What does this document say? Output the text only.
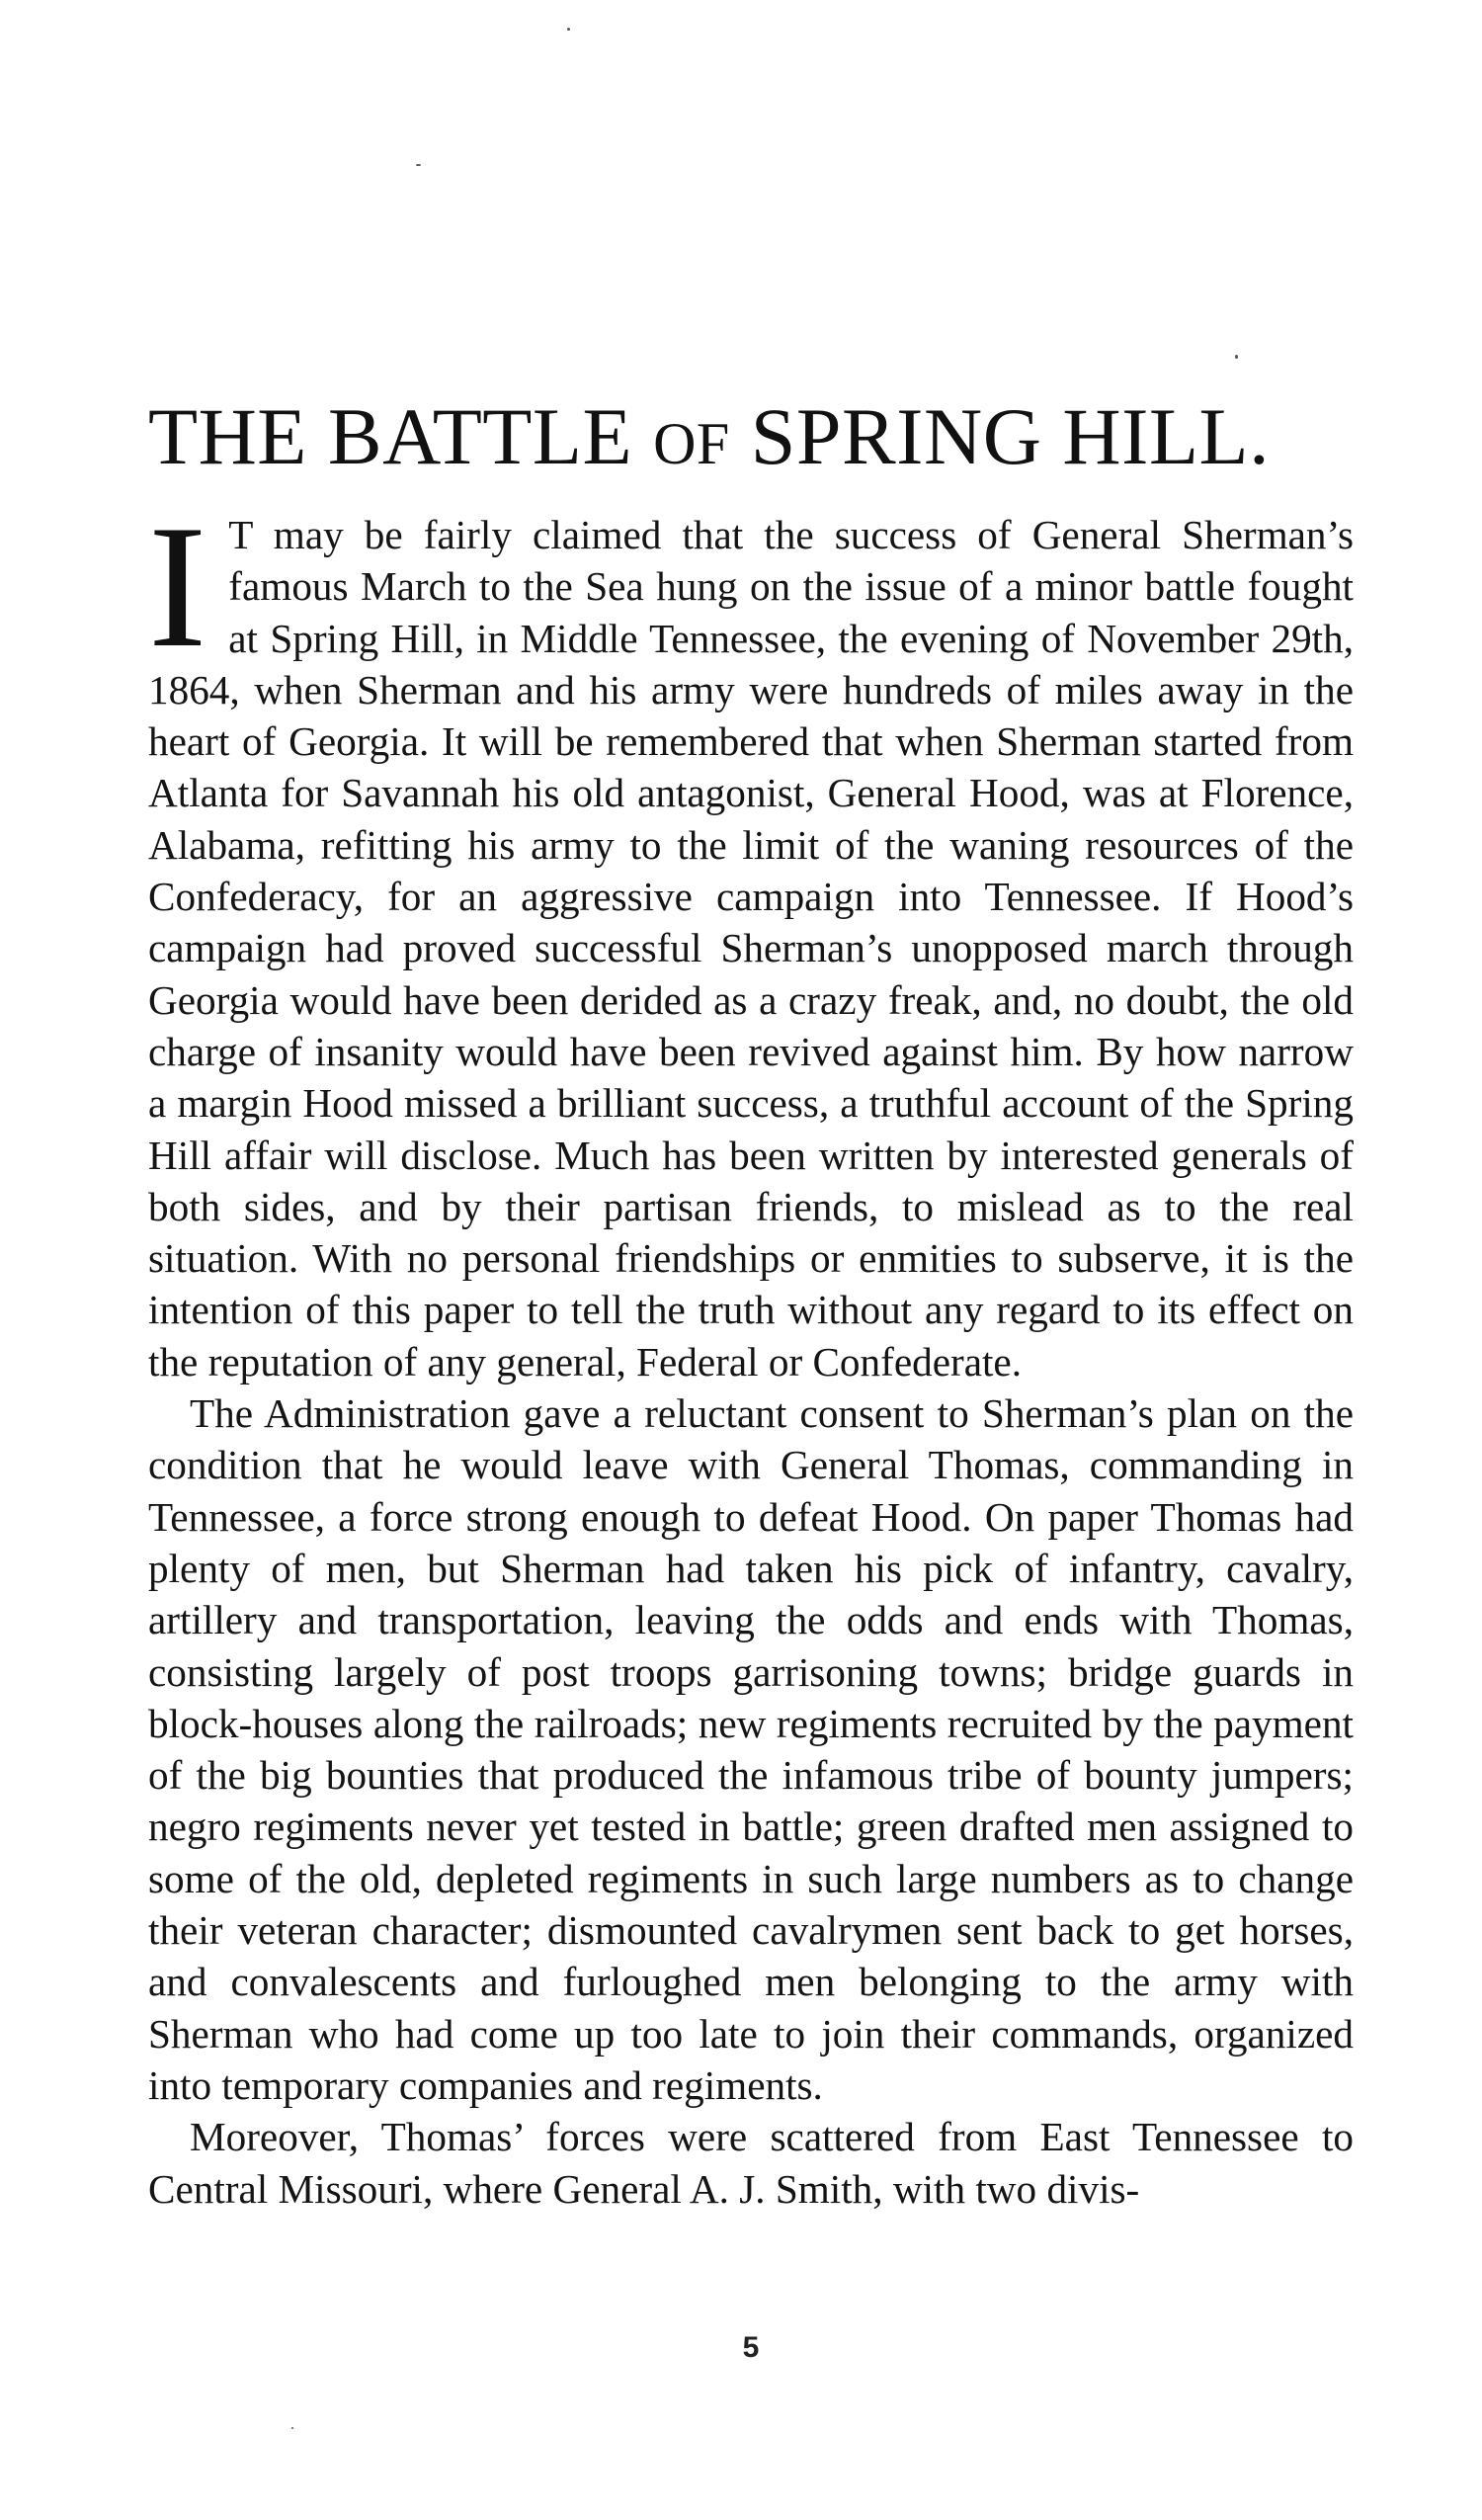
THE BATTLE OF SPRING HILL.

I T may be fairly claimed that the success of General Sherman’s famous March to the Sea hung on the issue of a minor battle fought at Spring Hill, in Middle Tennessee, the evening of November 29th, 1864, when Sherman and his army were hundreds of miles away in the heart of Georgia. It will be remembered that when Sherman started from Atlanta for Savannah his old antagonist, General Hood, was at Florence, Alabama, refitting his army to the limit of the waning resources of the Confederacy, for an aggressive campaign into Tennessee. If Hood’s campaign had proved successful Sherman’s unopposed march through Georgia would have been derided as a crazy freak, and, no doubt, the old charge of insanity would have been revived against him. By how narrow a margin Hood missed a brilliant success, a truthful account of the Spring Hill affair will disclose. Much has been written by interested generals of both sides, and by their partisan friends, to mislead as to the real situation. With no personal friendships or enmities to subserve, it is the intention of this paper to tell the truth without any regard to its effect on the reputation of any general, Federal or Confederate.

The Administration gave a reluctant consent to Sherman’s plan on the condition that he would leave with General Thomas, commanding in Tennessee, a force strong enough to defeat Hood. On paper Thomas had plenty of men, but Sherman had taken his pick of infantry, cavalry, artillery and transportation, leaving the odds and ends with Thomas, consisting largely of post troops garrisoning towns; bridge guards in block-houses along the railroads; new regiments recruited by the payment of the big bounties that produced the infamous tribe of bounty jumpers; negro regiments never yet tested in battle; green drafted men assigned to some of the old, depleted regiments in such large numbers as to change their veteran character; dismounted cavalrymen sent back to get horses, and convalescents and furloughed men belonging to the army with Sherman who had come up too late to join their commands, organized into temporary companies and regiments.

Moreover, Thomas’ forces were scattered from East Tennessee to Central Missouri, where General A. J. Smith, with two divis-

5
